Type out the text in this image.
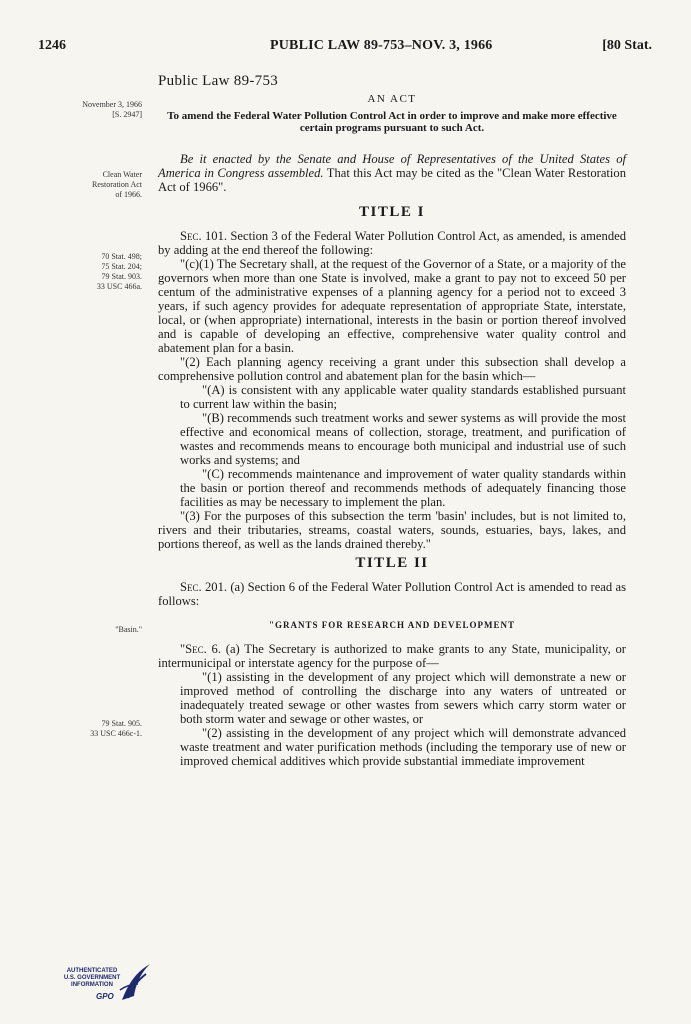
1246	PUBLIC LAW 89-753–NOV. 3, 1966	[80 Stat.
November 3, 1966
[S. 2947]
Clean Water
Restoration Act
of 1966.
70 Stat. 498;
75 Stat. 204;
79 Stat. 903.
33 USC 466a.
"Basin."
79 Stat. 905.
33 USC 466c-1.

Public Law 89-753

AN ACT

To amend the Federal Water Pollution Control Act in order to improve and make more effective certain programs pursuant to such Act.

Be it enacted by the Senate and House of Representatives of the United States of America in Congress assembled. That this Act may be cited as the "Clean Water Restoration Act of 1966".

TITLE I

Sec. 101. Section 3 of the Federal Water Pollution Control Act, as amended, is amended by adding at the end thereof the following:

"(c)(1) The Secretary shall, at the request of the Governor of a State, or a majority of the governors when more than one State is involved, make a grant to pay not to exceed 50 per centum of the administrative expenses of a planning agency for a period not to exceed 3 years, if such agency provides for adequate representation of appropriate State, interstate, local, or (when appropriate) international, interests in the basin or portion thereof involved and is capable of developing an effective, comprehensive water quality control and abatement plan for a basin.

"(2) Each planning agency receiving a grant under this subsection shall develop a comprehensive pollution control and abatement plan for the basin which—

"(A) is consistent with any applicable water quality standards established pursuant to current law within the basin;

"(B) recommends such treatment works and sewer systems as will provide the most effective and economical means of collection, storage, treatment, and purification of wastes and recommends means to encourage both municipal and industrial use of such works and systems; and

"(C) recommends maintenance and improvement of water quality standards within the basin or portion thereof and recommends methods of adequately financing those facilities as may be necessary to implement the plan.

"(3) For the purposes of this subsection the term 'basin' includes, but is not limited to, rivers and their tributaries, streams, coastal waters, sounds, estuaries, bays, lakes, and portions thereof, as well as the lands drained thereby."

TITLE II

Sec. 201. (a) Section 6 of the Federal Water Pollution Control Act is amended to read as follows:

"GRANTS FOR RESEARCH AND DEVELOPMENT

"Sec. 6. (a) The Secretary is authorized to make grants to any State, municipality, or intermunicipal or interstate agency for the purpose of—

"(1) assisting in the development of any project which will demonstrate a new or improved method of controlling the discharge into any waters of untreated or inadequately treated sewage or other wastes from sewers which carry storm water or both storm water and sewage or other wastes, or

"(2) assisting in the development of any project which will demonstrate advanced waste treatment and water purification methods (including the temporary use of new or improved chemical additives which provide substantial immediate improvement

AUTHENTICATED
U.S. GOVERNMENT
INFORMATION
GPO
